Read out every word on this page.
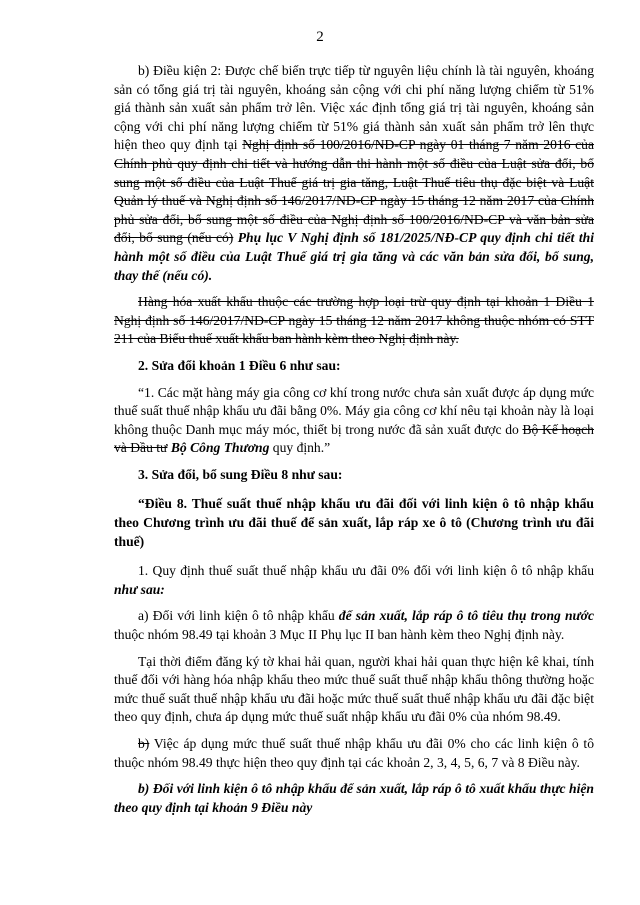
2

b) Điều kiện 2: Được chế biến trực tiếp từ nguyên liệu chính là tài nguyên, khoáng sản có tổng giá trị tài nguyên, khoáng sản cộng với chi phí năng lượng chiếm từ 51% giá thành sản xuất sản phẩm trở lên. Việc xác định tổng giá trị tài nguyên, khoáng sản cộng với chi phí năng lượng chiếm từ 51% giá thành sản xuất sản phẩm trở lên thực hiện theo quy định tại Nghị định số 100/2016/NĐ-CP ngày 01 tháng 7 năm 2016 của Chính phủ quy định chi tiết và hướng dẫn thi hành một số điều của Luật sửa đổi, bổ sung một số điều của Luật Thuế giá trị gia tăng, Luật Thuế tiêu thụ đặc biệt và Luật Quản lý thuế và Nghị định số 146/2017/NĐ-CP ngày 15 tháng 12 năm 2017 của Chính phủ sửa đổi, bổ sung một số điều của Nghị định số 100/2016/NĐ-CP và văn bản sửa đổi, bổ sung (nếu có) Phụ lục V Nghị định số 181/2025/NĐ-CP quy định chi tiết thi hành một số điều của Luật Thuế giá trị gia tăng và các văn bản sửa đổi, bổ sung, thay thế (nếu có).

Hàng hóa xuất khẩu thuộc các trường hợp loại trừ quy định tại khoản 1 Điều 1 Nghị định số 146/2017/NĐ-CP ngày 15 tháng 12 năm 2017 không thuộc nhóm có STT 211 của Biểu thuế xuất khẩu ban hành kèm theo Nghị định này.

2. Sửa đổi khoản 1 Điều 6 như sau:

“1. Các mặt hàng máy gia công cơ khí trong nước chưa sản xuất được áp dụng mức thuế suất thuế nhập khẩu ưu đãi bằng 0%. Máy gia công cơ khí nêu tại khoản này là loại không thuộc Danh mục máy móc, thiết bị trong nước đã sản xuất được do Bộ Kế hoạch và Đầu tư Bộ Công Thương quy định.”

3. Sửa đổi, bổ sung Điều 8 như sau:

“Điều 8. Thuế suất thuế nhập khẩu ưu đãi đối với linh kiện ô tô nhập khẩu theo Chương trình ưu đãi thuế để sản xuất, lắp ráp xe ô tô (Chương trình ưu đãi thuế)

1. Quy định thuế suất thuế nhập khẩu ưu đãi 0% đối với linh kiện ô tô nhập khẩu như sau:

a) Đối với linh kiện ô tô nhập khẩu để sản xuất, lắp ráp ô tô tiêu thụ trong nước thuộc nhóm 98.49 tại khoản 3 Mục II Phụ lục II ban hành kèm theo Nghị định này.

Tại thời điểm đăng ký tờ khai hải quan, người khai hải quan thực hiện kê khai, tính thuế đối với hàng hóa nhập khẩu theo mức thuế suất thuế nhập khẩu thông thường hoặc mức thuế suất thuế nhập khẩu ưu đãi hoặc mức thuế suất thuế nhập khẩu ưu đãi đặc biệt theo quy định, chưa áp dụng mức thuế suất nhập khẩu ưu đãi 0% của nhóm 98.49.

b) Việc áp dụng mức thuế suất thuế nhập khẩu ưu đãi 0% cho các linh kiện ô tô thuộc nhóm 98.49 thực hiện theo quy định tại các khoản 2, 3, 4, 5, 6, 7 và 8 Điều này.

b) Đối với linh kiện ô tô nhập khẩu để sản xuất, lắp ráp ô tô xuất khẩu thực hiện theo quy định tại khoản 9 Điều này
